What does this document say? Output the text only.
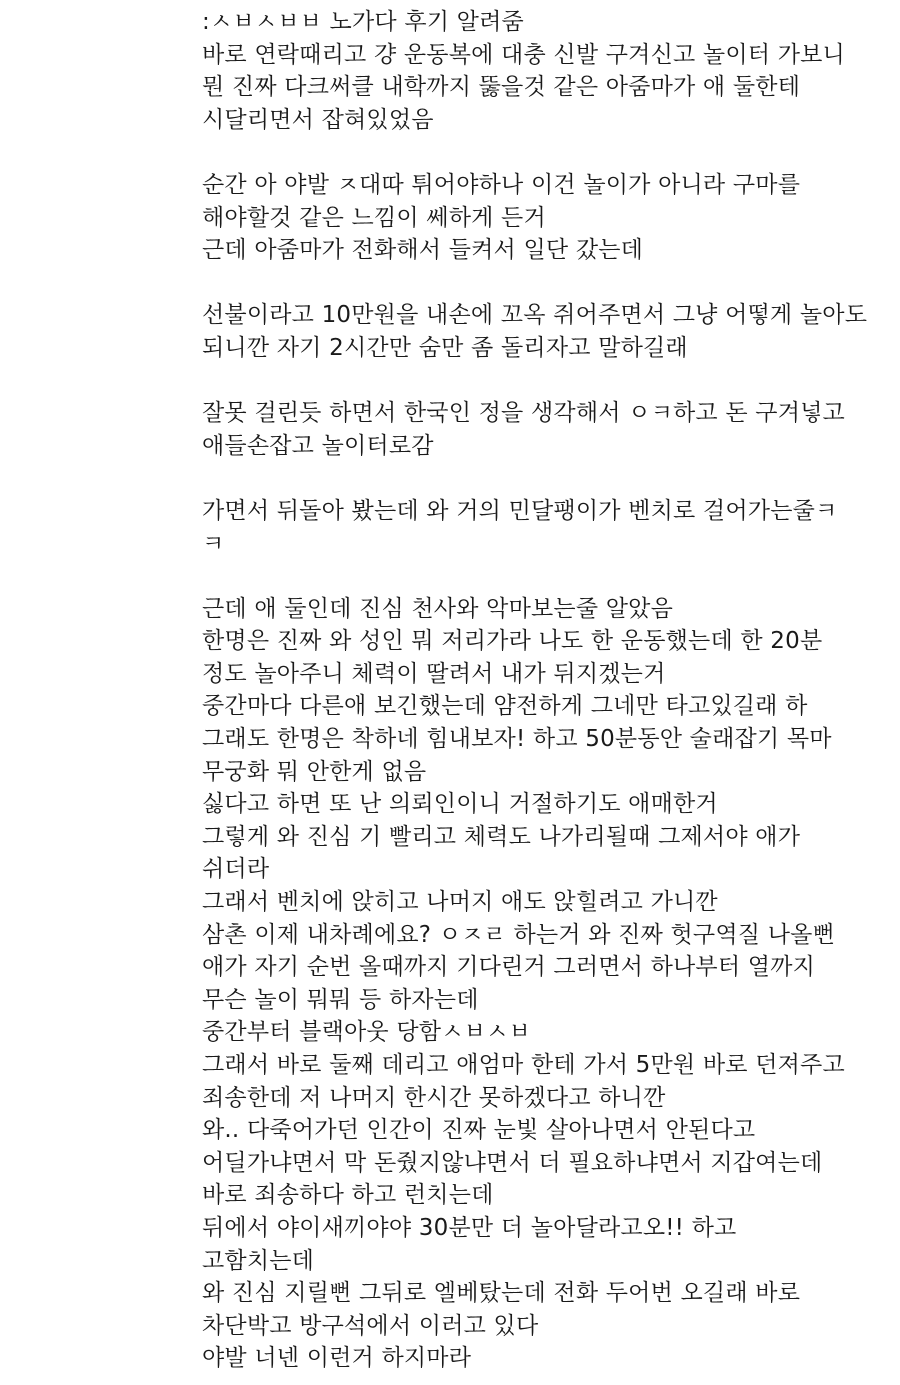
:ㅅㅂㅅㅂㅂ 노가다 후기 알려줌
바로 연락때리고 걍 운동복에 대충 신발 구겨신고 놀이터 가보니
뭔 진짜 다크써클 내학까지 뚫을것 같은 아줌마가 애 둘한테
시달리면서 잡혀있었음
순간 아 야발 ㅈ대따 튀어야하나 이건 놀이가 아니라 구마를
해야할것 같은 느낌이 쎄하게 든거
근데 아줌마가 전화해서 들켜서 일단 갔는데
선불이라고 10만원을 내손에 꼬옥 쥐어주면서 그냥 어떻게 놀아도
되니깐 자기 2시간만 숨만 좀 돌리자고 말하길래
잘못 걸린듯 하면서 한국인 정을 생각해서 ㅇㅋ하고 돈 구겨넣고
애들손잡고 놀이터로감
가면서 뒤돌아 봤는데 와 거의 민달팽이가 벤치로 걸어가는줄ㅋ
ㅋ
근데 애 둘인데 진심 천사와 악마보는줄 알았음
한명은 진짜 와 성인 뭐 저리가라 나도 한 운동했는데 한 20분
정도 놀아주니 체력이 딸려서 내가 뒤지겠는거
중간마다 다른애 보긴했는데 얌전하게 그네만 타고있길래 하
그래도 한명은 착하네 힘내보자! 하고 50분동안 술래잡기 목마
무궁화 뭐 안한게 없음
싫다고 하면 또 난 의뢰인이니 거절하기도 애매한거
그렇게 와 진심 기 빨리고 체력도 나가리될때 그제서야 애가
쉬더라
그래서 벤치에 앉히고 나머지 애도 앉힐려고 가니깐
삼촌 이제 내차례에요? ㅇㅈㄹ 하는거 와 진짜 헛구역질 나올뻔
애가 자기 순번 올때까지 기다린거 그러면서 하나부터 열까지
무슨 놀이 뭐뭐 등 하자는데
중간부터 블랙아웃 당함ㅅㅂㅅㅂ
그래서 바로 둘째 데리고 애엄마 한테 가서 5만원 바로 던져주고
죄송한데 저 나머지 한시간 못하겠다고 하니깐
와.. 다죽어가던 인간이 진짜 눈빛 살아나면서 안된다고
어딜가냐면서 막 돈줬지않냐면서 더 필요하냐면서 지갑여는데
바로 죄송하다 하고 런치는데
뒤에서 야이새끼야야 30분만 더 놀아달라고오!! 하고
고함치는데
와 진심 지릴뻔 그뒤로 엘베탔는데 전화 두어번 오길래 바로
차단박고 방구석에서 이러고 있다
야발 너넨 이런거 하지마라
